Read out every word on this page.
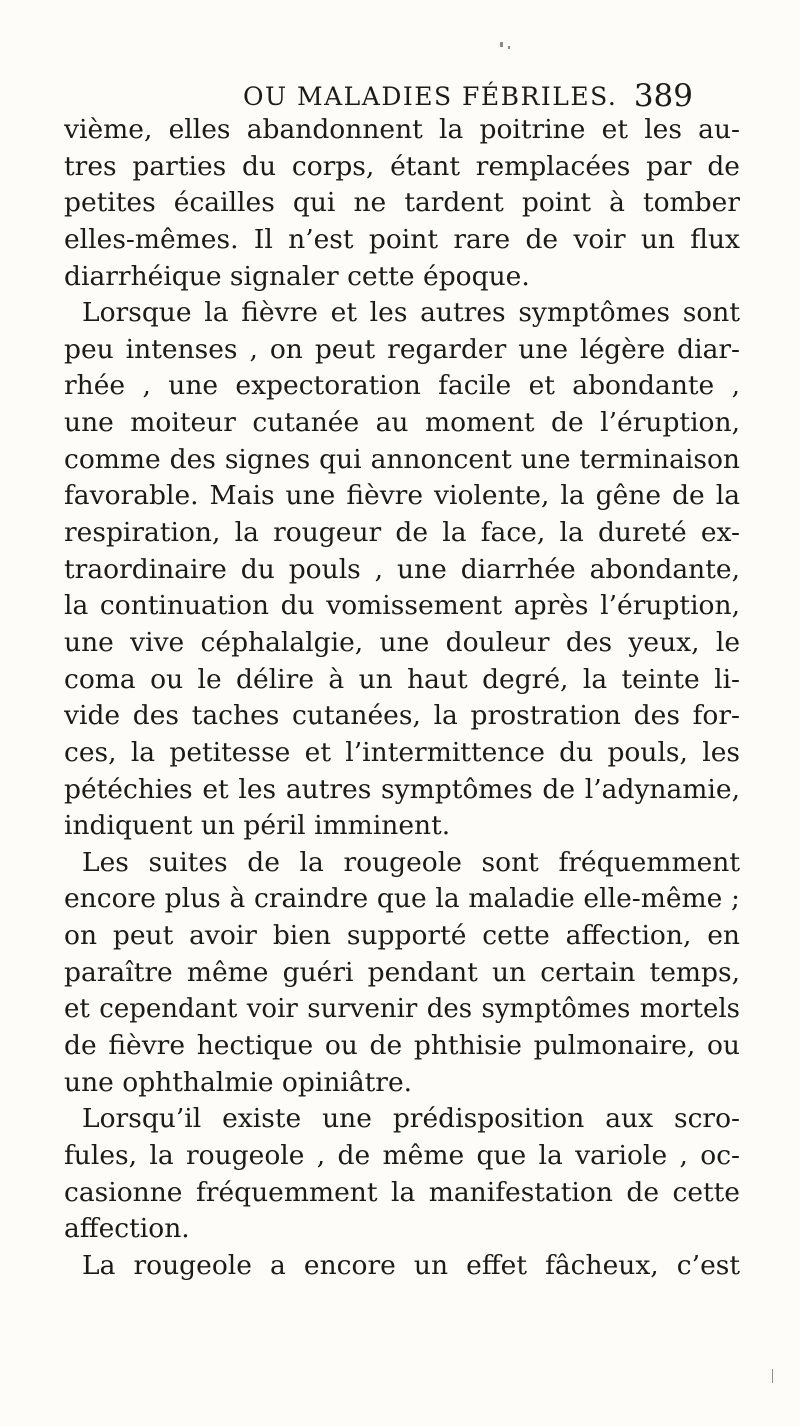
OU MALADIES FÉBRILES. 389
vième, elles abandonnent la poitrine et les au-
tres parties du corps, étant remplacées par de
petites écailles qui ne tardent point à tomber
elles-mêmes. Il n’est point rare de voir un flux
diarrhéique signaler cette époque.
Lorsque la fièvre et les autres symptômes sont
peu intenses , on peut regarder une légère diar-
rhée , une expectoration facile et abondante ,
une moiteur cutanée au moment de l’éruption,
comme des signes qui annoncent une terminaison
favorable. Mais une fièvre violente, la gêne de la
respiration, la rougeur de la face, la dureté ex-
traordinaire du pouls , une diarrhée abondante,
la continuation du vomissement après l’éruption,
une vive céphalalgie, une douleur des yeux, le
coma ou le délire à un haut degré, la teinte li-
vide des taches cutanées, la prostration des for-
ces, la petitesse et l’intermittence du pouls, les
pétéchies et les autres symptômes de l’adynamie,
indiquent un péril imminent.
Les suites de la rougeole sont fréquemment
encore plus à craindre que la maladie elle-même ;
on peut avoir bien supporté cette affection, en
paraître même guéri pendant un certain temps,
et cependant voir survenir des symptômes mortels
de fièvre hectique ou de phthisie pulmonaire, ou
une ophthalmie opiniâtre.
Lorsqu’il existe une prédisposition aux scro-
fules, la rougeole , de même que la variole , oc-
casionne fréquemment la manifestation de cette
affection.
La rougeole a encore un effet fâcheux, c’est
